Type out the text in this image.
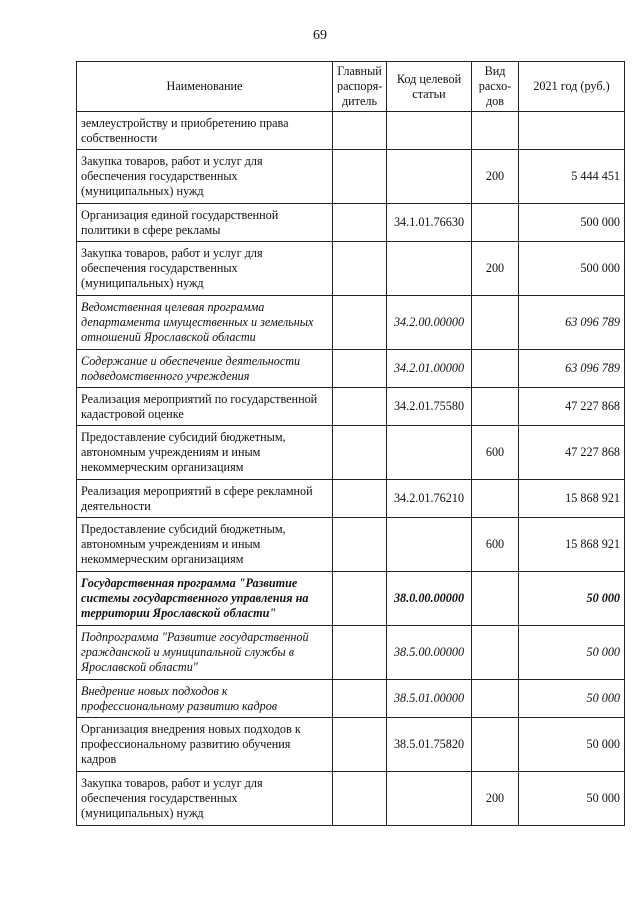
69
Наименование	Главный распоря-дитель	Код целевой статьи	Вид расхо-дов	2021 год (руб.)
землеустройству и приобретению права собственности				
Закупка товаров, работ и услуг для обеспечения государственных (муниципальных) нужд			200	5 444 451
Организация единой государственной политики в сфере рекламы		34.1.01.76630		500 000
Закупка товаров, работ и услуг для обеспечения государственных (муниципальных) нужд			200	500 000
Ведомственная целевая программа департамента имущественных и земельных отношений Ярославской области		34.2.00.00000		63 096 789
Содержание и обеспечение деятельности подведомственного учреждения		34.2.01.00000		63 096 789
Реализация мероприятий по государственной кадастровой оценке		34.2.01.75580		47 227 868
Предоставление субсидий бюджетным, автономным учреждениям и иным некоммерческим организациям			600	47 227 868
Реализация мероприятий в сфере рекламной деятельности		34.2.01.76210		15 868 921
Предоставление субсидий бюджетным, автономным учреждениям и иным некоммерческим организациям			600	15 868 921
Государственная программа "Развитие системы государственного управления на территории Ярославской области"		38.0.00.00000		50 000
Подпрограмма "Развитие государственной гражданской и муниципальной службы в Ярославской области"		38.5.00.00000		50 000
Внедрение новых подходов к профессиональному развитию кадров		38.5.01.00000		50 000
Организация внедрения новых подходов к профессиональному развитию обучения кадров		38.5.01.75820		50 000
Закупка товаров, работ и услуг для обеспечения государственных (муниципальных) нужд			200	50 000
